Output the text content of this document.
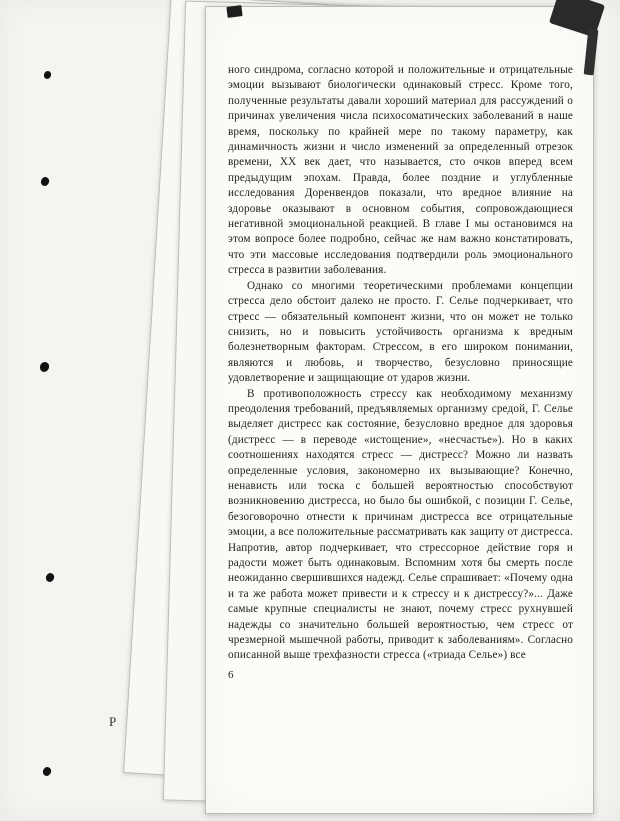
ного синдрома, согласно которой и положительные и отрицательные эмоции вызывают биологически одинаковый стресс. Кроме того, полученные результаты давали хороший материал для рассуждений о причинах увеличения числа психосоматических заболеваний в наше время, поскольку по крайней мере по такому параметру, как динамичность жизни и число изменений за определенный отрезок времени, XX век дает, что называется, сто очков вперед всем предыдущим эпохам. Правда, более поздние и углубленные исследования Доренвендов показали, что вредное влияние на здоровье оказывают в основном события, сопровождающиеся негативной эмоциональной реакцией. В главе I мы остановимся на этом вопросе более подробно, сейчас же нам важно констатировать, что эти массовые исследования подтвердили роль эмоционального стресса в развитии заболевания.

Однако со многими теоретическими проблемами концепции стресса дело обстоит далеко не просто. Г. Селье подчеркивает, что стресс — обязательный компонент жизни, что он может не только снизить, но и повысить устойчивость организма к вредным болезнетворным факторам. Стрессом, в его широком понимании, являются и любовь, и творчество, безусловно приносящие удовлетворение и защищающие от ударов жизни.

В противоположность стрессу как необходимому механизму преодоления требований, предъявляемых организму средой, Г. Селье выделяет дистресс как состояние, безусловно вредное для здоровья (дистресс — в переводе «истощение», «несчастье»). Но в каких соотношениях находятся стресс — дистресс? Можно ли назвать определенные условия, закономерно их вызывающие? Конечно, ненависть или тоска с большей вероятностью способствуют возникновению дистресса, но было бы ошибкой, с позиции Г. Селье, безоговорочно отнести к причинам дистресса все отрицательные эмоции, а все положительные рассматривать как защиту от дистресса. Напротив, автор подчеркивает, что стрессорное действие горя и радости может быть одинаковым. Вспомним хотя бы смерть после неожиданно свершившихся надежд. Селье спрашивает: «Почему одна и та же работа может привести и к стрессу и к дистрессу?»... Даже самые крупные специалисты не знают, почему стресс рухнувшей надежды со значительно большей вероятностью, чем стресс от чрезмерной мышечной работы, приводит к заболеваниям». Согласно описанной выше трехфазности стресса («триада Селье») все

6
Р
